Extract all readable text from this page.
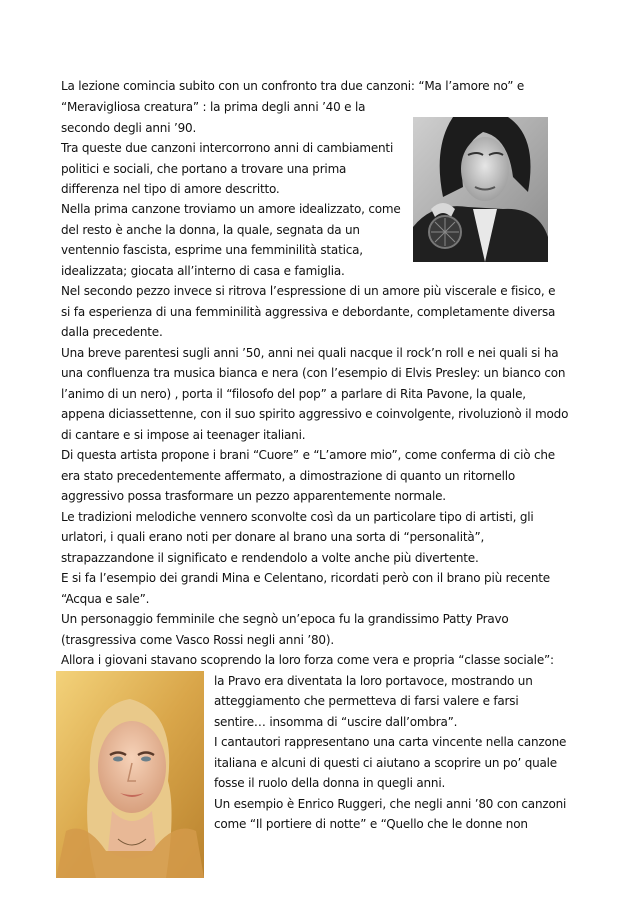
La lezione comincia subito con un confronto tra due canzoni: “Ma l’amore no” e
“Meravigliosa creatura” : la prima degli anni ’40 e la
secondo degli anni ’90.
Tra queste due canzoni intercorrono anni di cambiamenti
politici e sociali, che portano a trovare una prima
differenza nel tipo di amore descritto.
Nella prima canzone troviamo un amore idealizzato, come
del resto è anche la donna, la quale, segnata da un
ventennio fascista, esprime una femminilità statica,
idealizzata; giocata all’interno di casa e famiglia.
Nel secondo pezzo invece si ritrova l’espressione di un amore più viscerale e fisico, e
si fa esperienza di una femminilità aggressiva e debordante, completamente diversa
dalla precedente.
Una breve parentesi sugli anni ’50, anni nei quali nacque il rock’n roll e nei quali si ha
una confluenza tra musica bianca e nera (con l’esempio di Elvis Presley: un bianco con
l’animo di un nero) , porta il “filosofo del pop” a parlare di Rita Pavone, la quale,
appena diciassettenne, con il suo spirito aggressivo e coinvolgente, rivoluzionò il modo
di cantare e si impose ai teenager italiani.
Di questa artista propone i brani “Cuore” e “L’amore mio”, come conferma di ciò che
era stato precedentemente affermato, a dimostrazione di quanto un ritornello
aggressivo possa trasformare un pezzo apparentemente normale.
Le tradizioni melodiche vennero sconvolte così da un particolare tipo di artisti, gli
urlatori, i quali erano noti per donare al brano una sorta di “personalità”,
strapazzandone il significato e rendendolo a volte anche più divertente.
E si fa l’esempio dei grandi Mina e Celentano, ricordati però con il brano più recente
“Acqua e sale”.
Un personaggio femminile che segnò un’epoca fu la grandissimo Patty Pravo
(trasgressiva come Vasco Rossi negli anni ’80).
Allora i giovani stavano scoprendo la loro forza come vera e propria “classe sociale”:
la Pravo era diventata la loro portavoce, mostrando un
atteggiamento che permetteva di farsi valere e farsi
sentire… insomma di “uscire dall’ombra”.
I cantautori rappresentano una carta vincente nella canzone
italiana e alcuni di questi ci aiutano a scoprire un po’ quale
fosse il ruolo della donna in quegli anni.
Un esempio è Enrico Ruggeri, che negli anni ’80 con canzoni
come “Il portiere di notte” e “Quello che le donne non
